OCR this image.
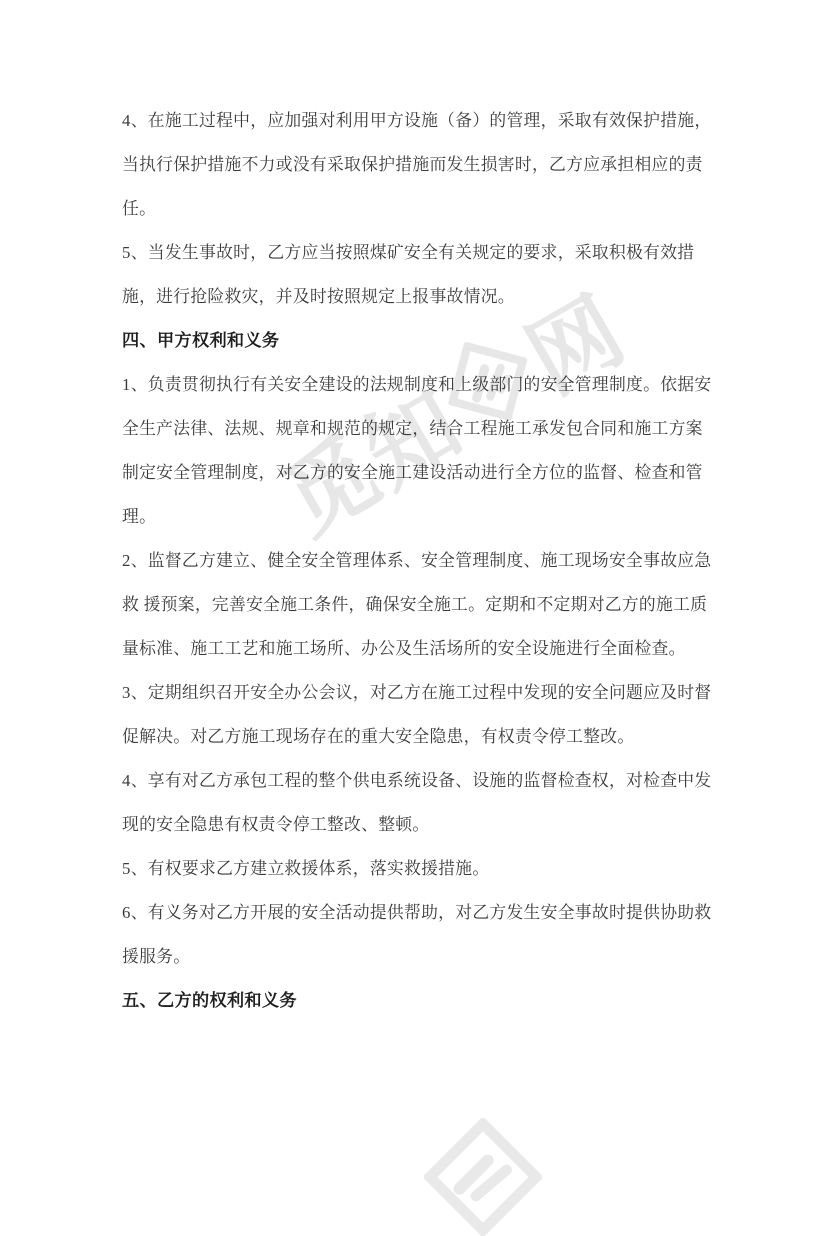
觅
知
网
4、在施工过程中，应加强对利用甲方设施（备）的管理，采取有效保护措施，
当执行保护措施不力或没有采取保护措施而发生损害时，乙方应承担相应的责
任。
5、当发生事故时，乙方应当按照煤矿安全有关规定的要求，采取积极有效措
施，进行抢险救灾，并及时按照规定上报事故情况。
四、甲方权利和义务
1、负责贯彻执行有关安全建设的法规制度和上级部门的安全管理制度。依据安
全生产法律、法规、规章和规范的规定，结合工程施工承发包合同和施工方案
制定安全管理制度，对乙方的安全施工建设活动进行全方位的监督、检查和管
理。
2、监督乙方建立、健全安全管理体系、安全管理制度、施工现场安全事故应急
救 援预案，完善安全施工条件，确保安全施工。定期和不定期对乙方的施工质
量标准、施工工艺和施工场所、办公及生活场所的安全设施进行全面检查。
3、定期组织召开安全办公会议，对乙方在施工过程中发现的安全问题应及时督
促解决。对乙方施工现场存在的重大安全隐患，有权责令停工整改。
4、享有对乙方承包工程的整个供电系统设备、设施的监督检查权，对检查中发
现的安全隐患有权责令停工整改、整顿。
5、有权要求乙方建立救援体系，落实救援措施。
6、有义务对乙方开展的安全活动提供帮助，对乙方发生安全事故时提供协助救
援服务。
五、乙方的权利和义务
